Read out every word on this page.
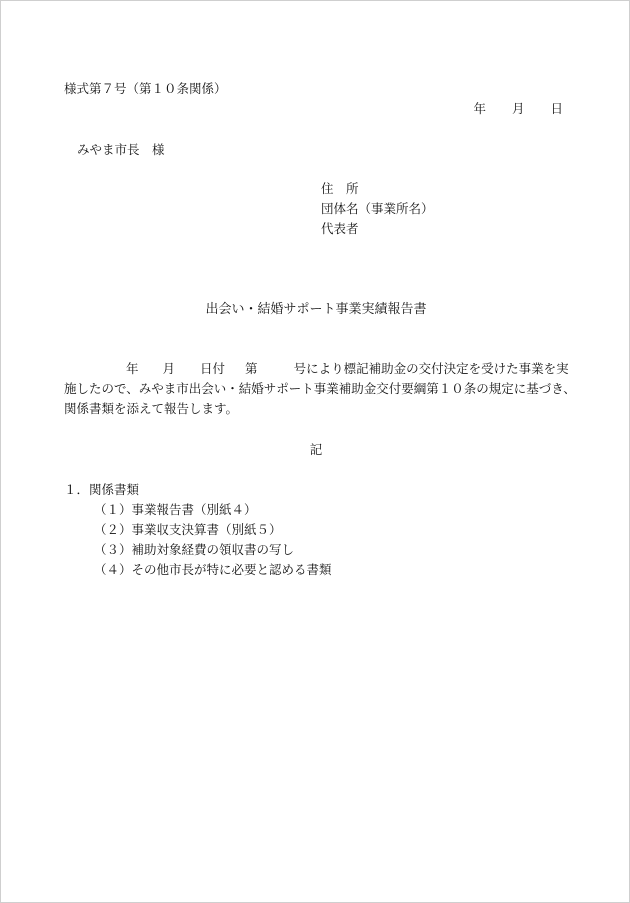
様式第７号（第１０条関係）
年 月 日
みやま市長　様
住　所
団体名（事業所名）
代表者
出会い・結婚サポート事業実績報告書
年 月 日付 第	号により標記補助金の交付決定を受けた事業を実
施したので、みやま市出会い・結婚サポート事業補助金交付要綱第１０条の規定に基づき、
関係書類を添えて報告します。
記
１．関係書類
（１）事業報告書（別紙４）
（２）事業収支決算書（別紙５）
（３）補助対象経費の領収書の写し
（４）その他市長が特に必要と認める書類
